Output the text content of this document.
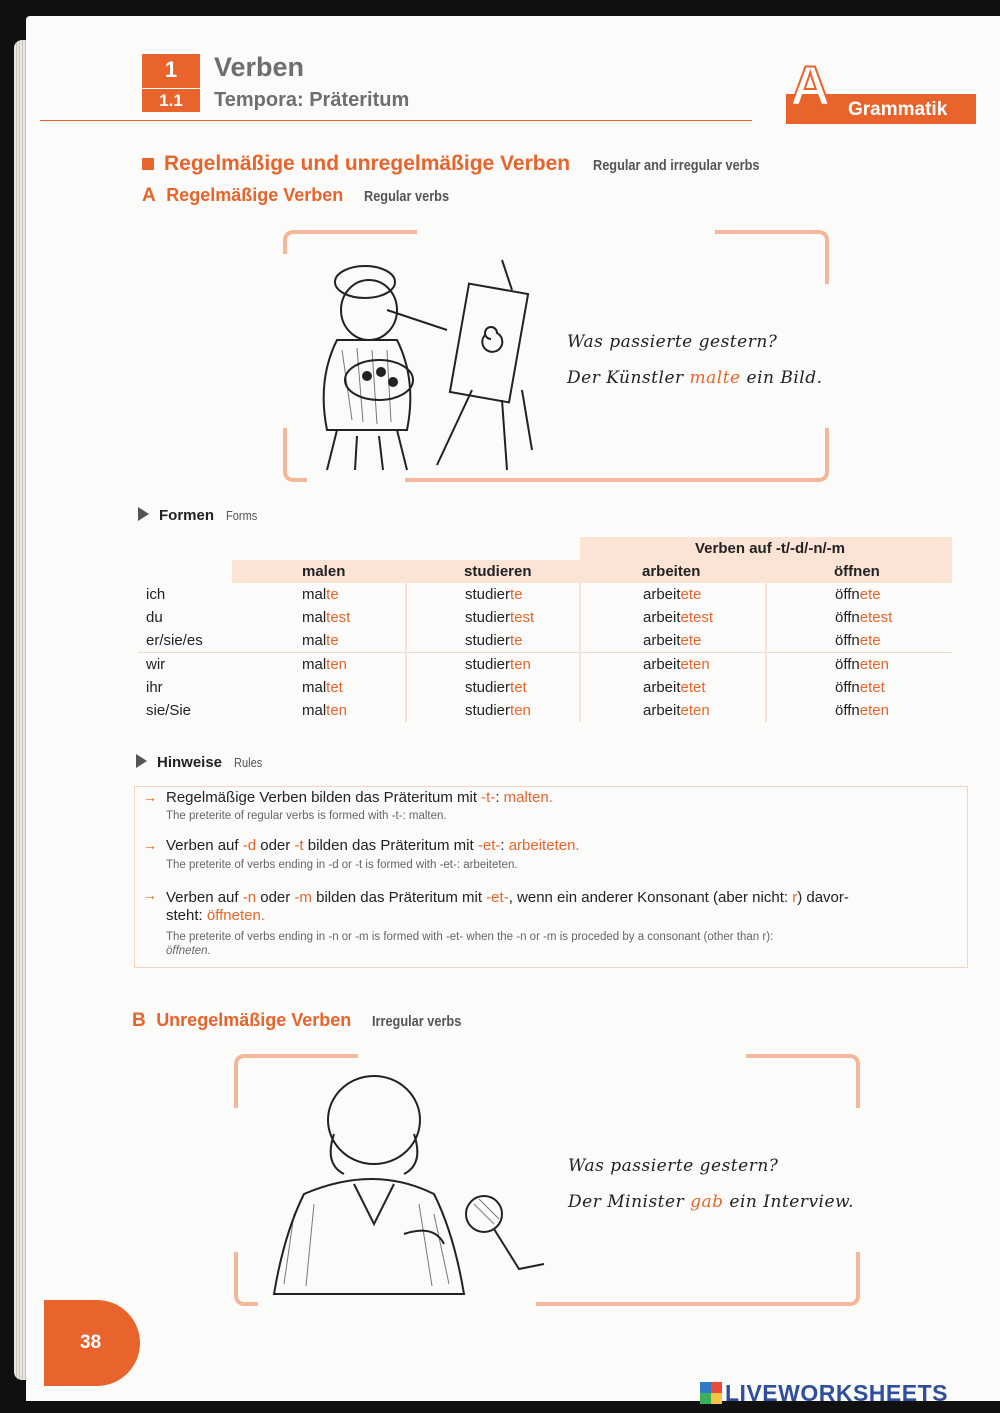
1
1.1
Verben
Tempora: Präteritum	Grammatik
A
Regelmäßige und unregelmäßige Verben Regular and irregular verbs
A Regelmäßige Verben Regular verbs
Was passierte gestern?
Der Künstler malte ein Bild.
Formen Forms
			Verben auf -t/-d/-n/-m	
	malen	studieren	arbeiten	öffnen
ich	malte	studierte	arbeitete	öffnete
du	maltest	studiertest	arbeitetest	öffnetest
er/sie/es	malte	studierte	arbeitete	öffnete
wir	malten	studierten	arbeiteten	öffneten
ihr	maltet	studiertet	arbeitetet	öffnetet
sie/Sie	malten	studierten	arbeiteten	öffneten
Hinweise Rules
→ Regelmäßige Verben bilden das Präteritum mit -t-: malten.
The preterite of regular verbs is formed with -t-: malten.
→ Verben auf -d oder -t bilden das Präteritum mit -et-: arbeiteten.
The preterite of verbs ending in -d or -t is formed with -et-: arbeiteten.
→ Verben auf -n oder -m bilden das Präteritum mit -et-, wenn ein anderer Konsonant (aber nicht: r) davor-
steht: öffneten.
The preterite of verbs ending in -n or -m is formed with -et- when the -n or -m is proceded by a consonant (other than r):
öffneten.
B Unregelmäßige Verben Irregular verbs
Was passierte gestern?
Der Minister gab ein Interview.
38
LIVEWORKSHEETS
